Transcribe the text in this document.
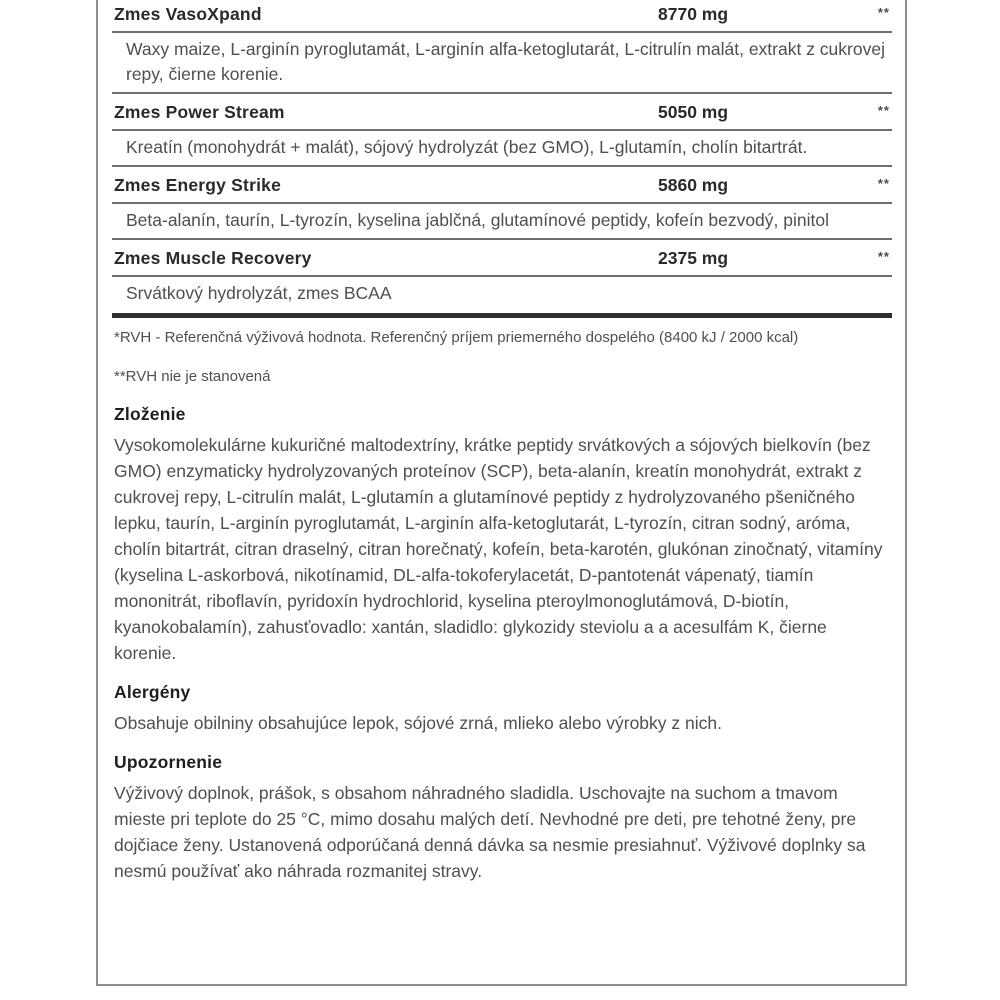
Zmes VasoXpand	8770 mg	**
Waxy maize, L-arginín pyroglutamát, L-arginín alfa-ketoglutarát, L-citrulín malát, extrakt z cukrovej repy, čierne korenie.
Zmes Power Stream	5050 mg	**
Kreatín (monohydrát + malát), sójový hydrolyzát (bez GMO), L-glutamín, cholín bitartrát.
Zmes Energy Strike	5860 mg	**
Beta-alanín, taurín, L-tyrozín, kyselina jablčná, glutamínové peptidy, kofeín bezvodý, pinitol
Zmes Muscle Recovery	2375 mg	**
Srvátkový hydrolyzát, zmes BCAA
*RVH - Referenčná výživová hodnota. Referenčný príjem priemerného dospelého (8400 kJ / 2000 kcal)
**RVH nie je stanovená
Zloženie

Vysokomolekulárne kukuričné maltodextríny, krátke peptidy srvátkových a sójových bielkovín (bez GMO) enzymaticky hydrolyzovaných proteínov (SCP), beta-alanín, kreatín monohydrát, extrakt z cukrovej repy, L-citrulín malát, L-glutamín a glutamínové peptidy z hydrolyzovaného pšeničného lepku, taurín, L-arginín pyroglutamát, L-arginín alfa-ketoglutarát, L-tyrozín, citran sodný, aróma, cholín bitartrát, citran draselný, citran horečnatý, kofeín, beta-karotén, glukónan zinočnatý, vitamíny (kyselina L-askorbová, nikotínamid, DL-alfa-tokoferylacetát, D-pantotenát vápenatý, tiamín mononitrát, riboflavín, pyridoxín hydrochlorid, kyselina pteroylmonoglutámová, D-biotín, kyanokobalamín), zahusťovadlo: xantán, sladidlo: glykozidy steviolu a a acesulfám K, čierne korenie.

Alergény

Obsahuje obilniny obsahujúce lepok, sójové zrná, mlieko alebo výrobky z nich.

Upozornenie

Výživový doplnok, prášok, s obsahom náhradného sladidla. Uschovajte na suchom a tmavom mieste pri teplote do 25 °C, mimo dosahu malých detí. Nevhodné pre deti, pre tehotné ženy, pre dojčiace ženy. Ustanovená odporúčaná denná dávka sa nesmie presiahnuť. Výživové doplnky sa nesmú používať ako náhrada rozmanitej stravy.
